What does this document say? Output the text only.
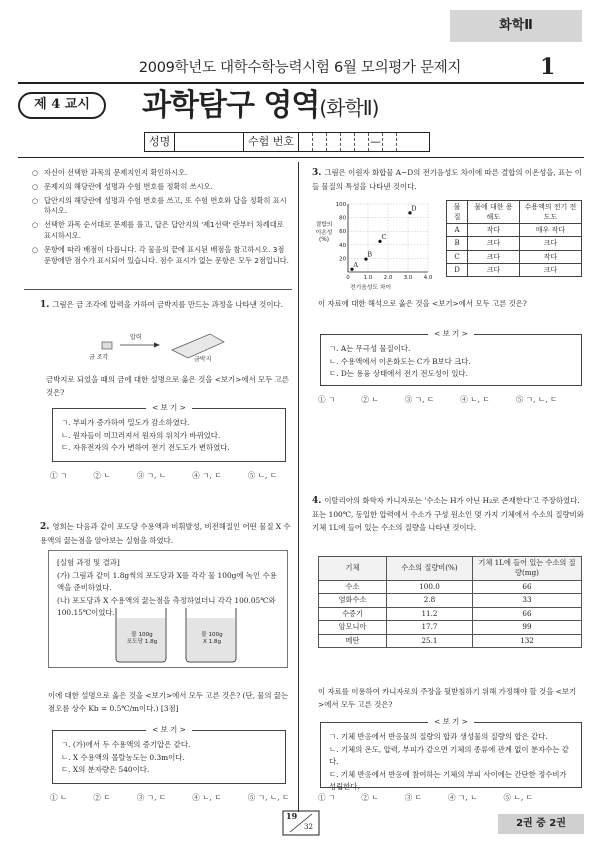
화학Ⅱ
2009학년도 대학수학능력시험 6월 모의평가 문제지	1
제 4 교시	과학탐구 영역(화학Ⅱ)
성명	수험 번호	—
○ 자신이 선택한 과목의 문제지인지 확인하시오.
○ 문제지의 해당란에 성명과 수험 번호를 정확히 쓰시오.
○ 답안지의 해당란에 성명과 수험 번호를 쓰고, 또 수험 번호와 답을 정확히 표시하시오.
○ 선택한 과목 순서대로 문제를 풀고, 답은 답안지의 '제1선택' 란부터 차례대로 표시하시오.
○ 문항에 따라 배점이 다릅니다. 각 물음의 끝에 표시된 배점을 참고하시오. 3점 문항에만 점수가 표시되어 있습니다. 점수 표시가 없는 문항은 모두 2점입니다.
1. 그림은 금 조각에 압력을 가하여 금박지를 만드는 과정을 나타낸 것이다.
금 조각
압력
금박지
금박지로 되었을 때의 금에 대한 설명으로 옳은 것을 <보기>에서 모두 고른 것은?
< 보 기 >
ㄱ. 부피가 증가하여 밀도가 감소하였다.
ㄴ. 원자들이 미끄러져서 원자의 위치가 바뀌었다.
ㄷ. 자유전자의 수가 변하여 전기 전도도가 변하였다.
① ㄱ	② ㄴ	③ ㄱ, ㄴ	④ ㄱ, ㄷ	⑤ ㄴ, ㄷ
2. 영희는 다음과 같이 포도당 수용액과 비휘발성, 비전해질인 어떤 물질 X 수용액의 끓는점을 알아보는 실험을 하였다.
[실험 과정 및 결과]
(가) 그림과 같이 1.8g씩의 포도당과 X를 각각 물 100g에 녹인 수용액을 준비하였다.
(나) 포도당과 X 수용액의 끓는점을 측정하였더니 각각 100.05℃와 100.15℃이었다.
물 100g
포도당 1.8g
물 100g
X 1.8g
이에 대한 설명으로 옳은 것을 <보기>에서 모두 고른 것은? (단, 물의 끓는점오름 상수 Kb = 0.5℃/m이다.) [3점]
< 보 기 >
ㄱ. (가)에서 두 수용액의 증기압은 같다.
ㄴ. X 수용액의 몰랄농도는 0.3m이다.
ㄷ. X의 분자량은 540이다.
① ㄴ	② ㄷ	③ ㄱ, ㄷ	④ ㄴ, ㄷ	⑤ ㄱ, ㄴ, ㄷ
3. 그림은 이원자 화합물 A~D의 전기음성도 차이에 따른 결합의 이온성을, 표는 이들 물질의 특성을 나타낸 것이다.
결합의
이온성
(%)
20
40
60
80
100
0	1.0 2.0 3.0 4.0
A
B
C
D
전기음성도 차이
물질	물에 대한 용해도	수용액의 전기 전도도
A	작다	매우 작다
B	크다	크다
C	크다	작다
D	크다	크다
이 자료에 대한 해석으로 옳은 것을 <보기>에서 모두 고른 것은?
< 보 기 >
ㄱ. A는 무극성 물질이다.
ㄴ. 수용액에서 이온화도는 C가 B보다 크다.
ㄷ. D는 용융 상태에서 전기 전도성이 있다.
① ㄱ	② ㄴ	③ ㄱ, ㄷ	④ ㄴ, ㄷ	⑤ ㄱ, ㄴ, ㄷ
4. 이탈리아의 화학자 카니자로는 '수소는 H가 아닌 H₂로 존재한다'고 주장하였다. 표는 100℃, 동일한 압력에서 수소가 구성 원소인 몇 가지 기체에서 수소의 질량비와 기체 1L에 들어 있는 수소의 질량을 나타낸 것이다.
기체	수소의 질량비(%)	기체 1L에 들어 있는 수소의 질량(mg)
수소	100.0	66
염화수소	2.8	33
수증기	11.2	66
암모니아	17.7	99
메탄	25.1	132
이 자료를 이용하여 카니자로의 주장을 뒷받침하기 위해 가정해야 할 것을 <보기>에서 모두 고른 것은?
< 보 기 >
ㄱ. 기체 반응에서 반응물의 질량의 합과 생성물의 질량의 합은 같다.
ㄴ. 기체의 온도, 압력, 부피가 같으면 기체의 종류에 관계 없이 분자수는 같다.
ㄷ. 기체 반응에서 반응에 참여하는 기체의 부피 사이에는 간단한 정수비가 성립한다.
① ㄱ	② ㄴ	③ ㄷ	④ ㄱ, ㄴ	⑤ ㄴ, ㄷ
19
32	2권 중 2권
